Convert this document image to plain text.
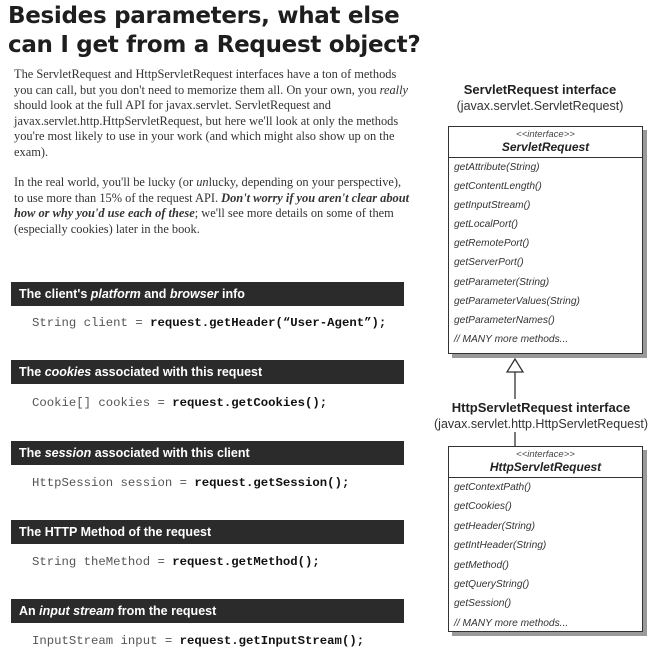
Besides parameters, what else
can I get from a Request object?
The ServletRequest and HttpServletRequest interfaces have a ton of methods you can call, but you don't need to memorize them all. On your own, you really should look at the full API for javax.servlet. ServletRequest and javax.servlet.http.HttpServletRequest, but here we'll look at only the methods you're most likely to use in your work (and which might also show up on the exam).
In the real world, you'll be lucky (or unlucky, depending on your perspective), to use more than 15% of the request API. Don't worry if you aren't clear about how or why you'd use each of these; we'll see more details on some of them (especially cookies) later in the book.
The client's platform and browser info
String client = request.getHeader(“User-Agent”);
The cookies associated with this request
Cookie[] cookies = request.getCookies();
The session associated with this client
HttpSession session = request.getSession();
The HTTP Method of the request
String theMethod = request.getMethod();
An input stream from the request
InputStream input = request.getInputStream();
ServletRequest interface
(javax.servlet.ServletRequest)
<<interface>>
ServletRequest
getAttribute(String)
getContentLength()
getInputStream()
getLocalPort()
getRemotePort()
getServerPort()
getParameter(String)
getParameterValues(String)
getParameterNames()
// MANY more methods...
HttpServletRequest interface
(javax.servlet.http.HttpServletRequest)
<<interface>>
HttpServletRequest
getContextPath()
getCookies()
getHeader(String)
getIntHeader(String)
getMethod()
getQueryString()
getSession()
// MANY more methods...
